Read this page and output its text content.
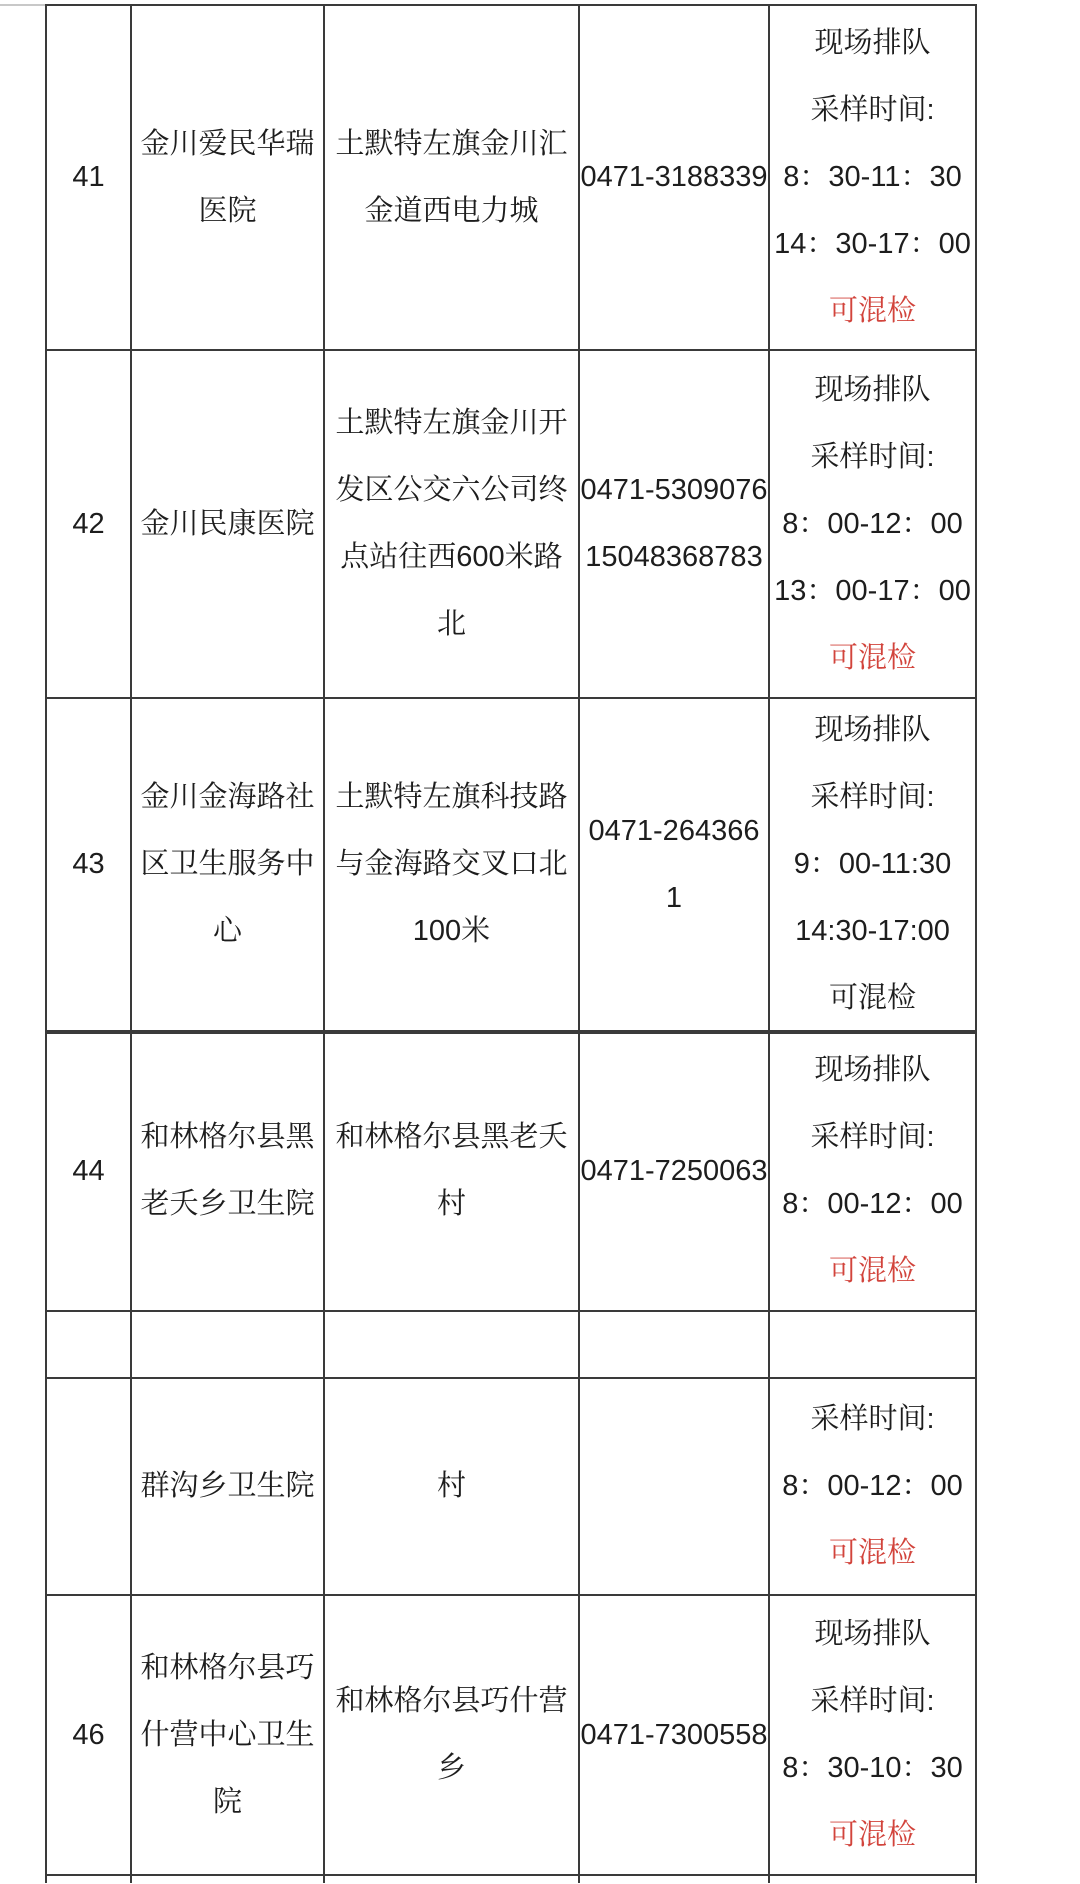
41
金川爱民华瑞
医院
土默特左旗金川汇
金道西电力城
0471-3188339
现场排队
采样时间:
8：30-11：30
14：30-17：00
可混检
42 金川民康医院
土默特左旗金川开
发区公交六公司终
点站往西600米路
北
0471-5309076
15048368783
现场排队
采样时间:
8：00-12：00
13：00-17：00
可混检
43
金川金海路社
区卫生服务中
心
土默特左旗科技路
与金海路交叉口北
100米
0471-264366
1
现场排队
采样时间:
9：00-11:30
14:30-17:00
可混检
44
和林格尔县黑
老夭乡卫生院
和林格尔县黑老夭
村
0471-7250063
现场排队
采样时间:
8：00-12：00
可混检
群沟乡卫生院	村
采样时间:
8：00-12：00
可混检
46
和林格尔县巧
什营中心卫生
院
和林格尔县巧什营
乡
0471-7300558
现场排队
采样时间:
8：30-10：30
可混检
